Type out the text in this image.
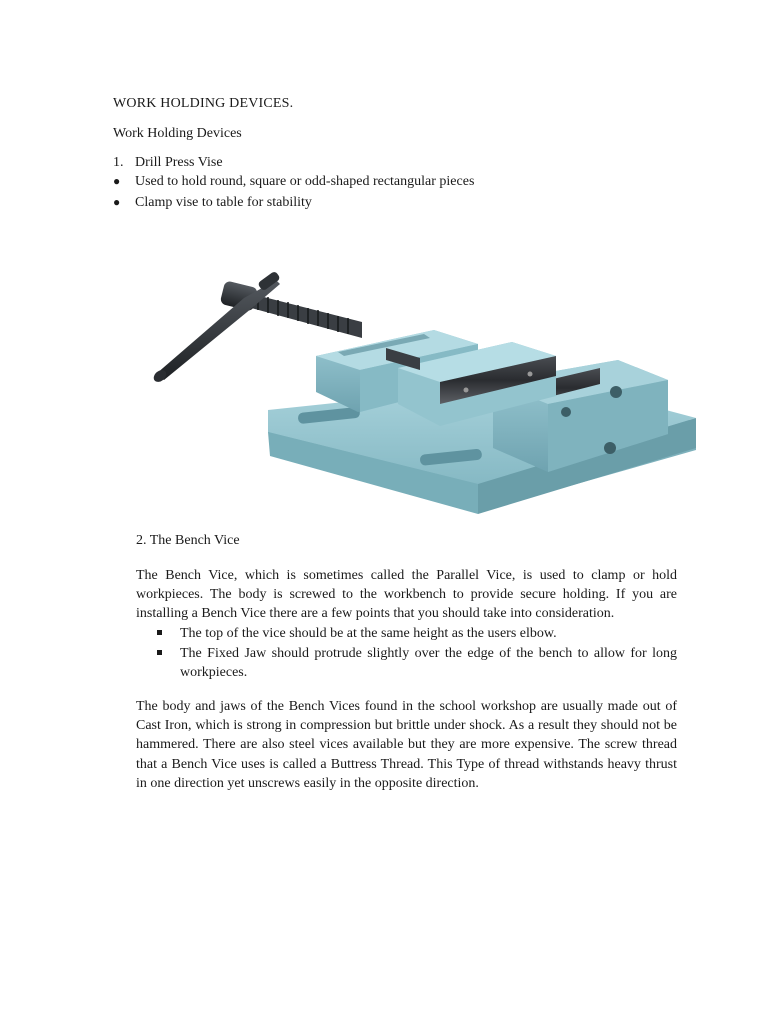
WORK HOLDING DEVICES.
Work Holding Devices
1. Drill Press Vise
● Used to hold round, square or odd-shaped rectangular pieces
● Clamp vise to table for stability
2. The Bench Vice
The Bench Vice, which is sometimes called the Parallel Vice, is used to clamp or hold workpieces. The body is screwed to the workbench to provide secure holding. If you are installing a Bench Vice there are a few points that you should take into consideration.
The top of the vice should be at the same height as the users elbow.
The Fixed Jaw should protrude slightly over the edge of the bench to allow for long workpieces.
The body and jaws of the Bench Vices found in the school workshop are usually made out of Cast Iron, which is strong in compression but brittle under shock. As a result they should not be hammered. There are also steel vices available but they are more expensive. The screw thread that a Bench Vice uses is called a Buttress Thread. This Type of thread withstands heavy thrust in one direction yet unscrews easily in the opposite direction.
